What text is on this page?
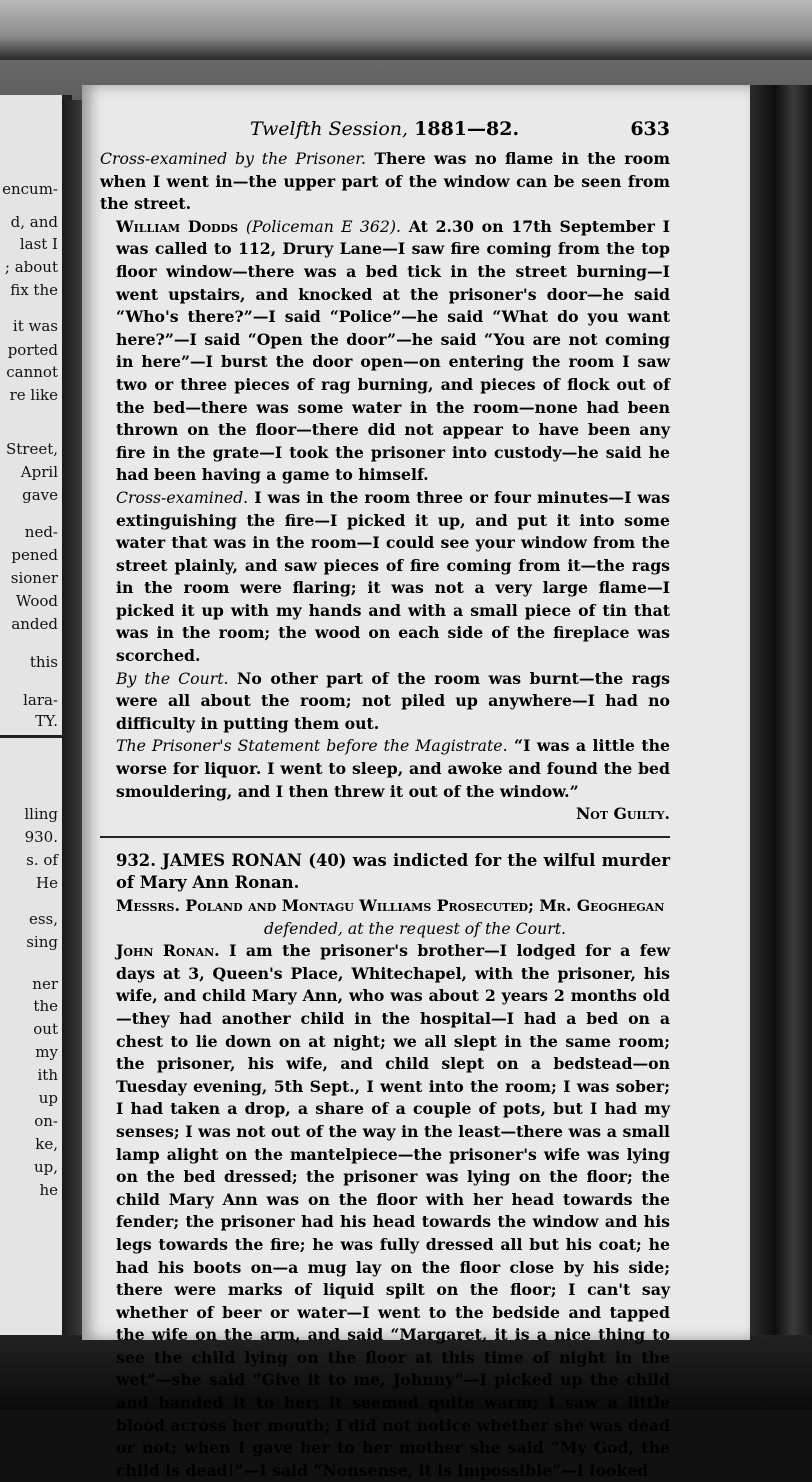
encum-
d, and
last I
; about
fix the
it was
ported
cannot
re like
Street,
April
gave
ned-
pened
sioner
Wood
anded
this
lara-
TY.
lling
930.
s. of
He
ess,
sing
ner
the
out
my
ith
up
on-
ke,
up,
he
Twelfth Session, 1881—82.	633

Cross-examined by the Prisoner. There was no flame in the room when I went in—the upper part of the window can be seen from the street.

William Dodds (Policeman E 362). At 2.30 on 17th September I was called to 112, Drury Lane—I saw fire coming from the top floor window—there was a bed tick in the street burning—I went upstairs, and knocked at the prisoner's door—he said “Who's there?”—I said “Police”—he said “What do you want here?”—I said “Open the door”—he said “You are not coming in here”—I burst the door open—on entering the room I saw two or three pieces of rag burning, and pieces of flock out of the bed—there was some water in the room—none had been thrown on the floor—there did not appear to have been any fire in the grate—I took the prisoner into custody—he said he had been having a game to himself.

Cross-examined. I was in the room three or four minutes—I was extinguishing the fire—I picked it up, and put it into some water that was in the room—I could see your window from the street plainly, and saw pieces of fire coming from it—the rags in the room were flaring; it was not a very large flame—I picked it up with my hands and with a small piece of tin that was in the room; the wood on each side of the fireplace was scorched.

By the Court. No other part of the room was burnt—the rags were all about the room; not piled up anywhere—I had no difficulty in putting them out.

The Prisoner's Statement before the Magistrate. “I was a little the worse for liquor. I went to sleep, and awoke and found the bed smouldering, and I then threw it out of the window.”

Not Guilty.

932. JAMES RONAN (40) was indicted for the wilful murder of Mary Ann Ronan.

Messrs. Poland and Montagu Williams Prosecuted; Mr. Geoghegan

defended, at the request of the Court.

John Ronan. I am the prisoner's brother—I lodged for a few days at 3, Queen's Place, Whitechapel, with the prisoner, his wife, and child Mary Ann, who was about 2 years 2 months old—they had another child in the hospital—I had a bed on a chest to lie down on at night; we all slept in the same room; the prisoner, his wife, and child slept on a bedstead—on Tuesday evening, 5th Sept., I went into the room; I was sober; I had taken a drop, a share of a couple of pots, but I had my senses; I was not out of the way in the least—there was a small lamp alight on the mantelpiece—the prisoner's wife was lying on the bed dressed; the prisoner was lying on the floor; the child Mary Ann was on the floor with her head towards the fender; the prisoner had his head towards the window and his legs towards the fire; he was fully dressed all but his coat; he had his boots on—a mug lay on the floor close by his side; there were marks of liquid spilt on the floor; I can't say whether of beer or water—I went to the bedside and tapped the wife on the arm, and said “Margaret, it is a nice thing to see the child lying on the floor at this time of night in the wet”—she said “Give it to me, Johnny”—I picked up the child and handed it to her; it seemed quite warm; I saw a little blood across her mouth; I did not notice whether she was dead or not; when I gave her to her mother she said “My God, the child is dead!”—I said “Nonsense, it is impossible”—I looked
